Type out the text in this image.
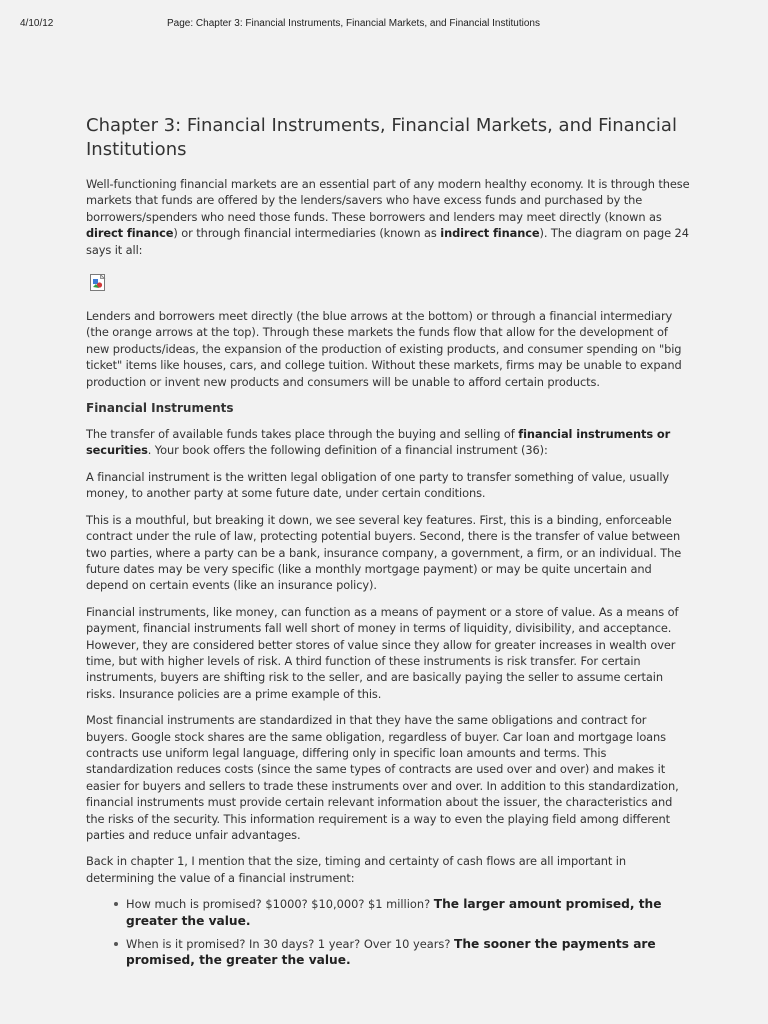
4/10/12	Page: Chapter 3: Financial Instruments, Financial Markets, and Financial Institutions
Chapter 3: Financial Instruments, Financial Markets, and Financial Institutions

Well-functioning financial markets are an essential part of any modern healthy economy. It is through these markets that funds are offered by the lenders/savers who have excess funds and purchased by the borrowers/spenders who need those funds. These borrowers and lenders may meet directly (known as direct finance) or through financial intermediaries (known as indirect finance). The diagram on page 24 says it all:

Lenders and borrowers meet directly (the blue arrows at the bottom) or through a financial intermediary (the orange arrows at the top). Through these markets the funds flow that allow for the development of new products/ideas, the expansion of the production of existing products, and consumer spending on "big ticket" items like houses, cars, and college tuition. Without these markets, firms may be unable to expand production or invent new products and consumers will be unable to afford certain products.

Financial Instruments

The transfer of available funds takes place through the buying and selling of financial instruments or securities. Your book offers the following definition of a financial instrument (36):

A financial instrument is the written legal obligation of one party to transfer something of value, usually money, to another party at some future date, under certain conditions.

This is a mouthful, but breaking it down, we see several key features. First, this is a binding, enforceable contract under the rule of law, protecting potential buyers. Second, there is the transfer of value between two parties, where a party can be a bank, insurance company, a government, a firm, or an individual. The future dates may be very specific (like a monthly mortgage payment) or may be quite uncertain and depend on certain events (like an insurance policy).

Financial instruments, like money, can function as a means of payment or a store of value. As a means of payment, financial instruments fall well short of money in terms of liquidity, divisibility, and acceptance. However, they are considered better stores of value since they allow for greater increases in wealth over time, but with higher levels of risk. A third function of these instruments is risk transfer. For certain instruments, buyers are shifting risk to the seller, and are basically paying the seller to assume certain risks. Insurance policies are a prime example of this.

Most financial instruments are standardized in that they have the same obligations and contract for buyers. Google stock shares are the same obligation, regardless of buyer. Car loan and mortgage loans contracts use uniform legal language, differing only in specific loan amounts and terms. This standardization reduces costs (since the same types of contracts are used over and over) and makes it easier for buyers and sellers to trade these instruments over and over. In addition to this standardization, financial instruments must provide certain relevant information about the issuer, the characteristics and the risks of the security. This information requirement is a way to even the playing field among different parties and reduce unfair advantages.

Back in chapter 1, I mention that the size, timing and certainty of cash flows are all important in determining the value of a financial instrument:

How much is promised? $1000? $10,000? $1 million? The larger amount promised, the greater the value.
When is it promised? In 30 days? 1 year? Over 10 years? The sooner the payments are promised, the greater the value.
